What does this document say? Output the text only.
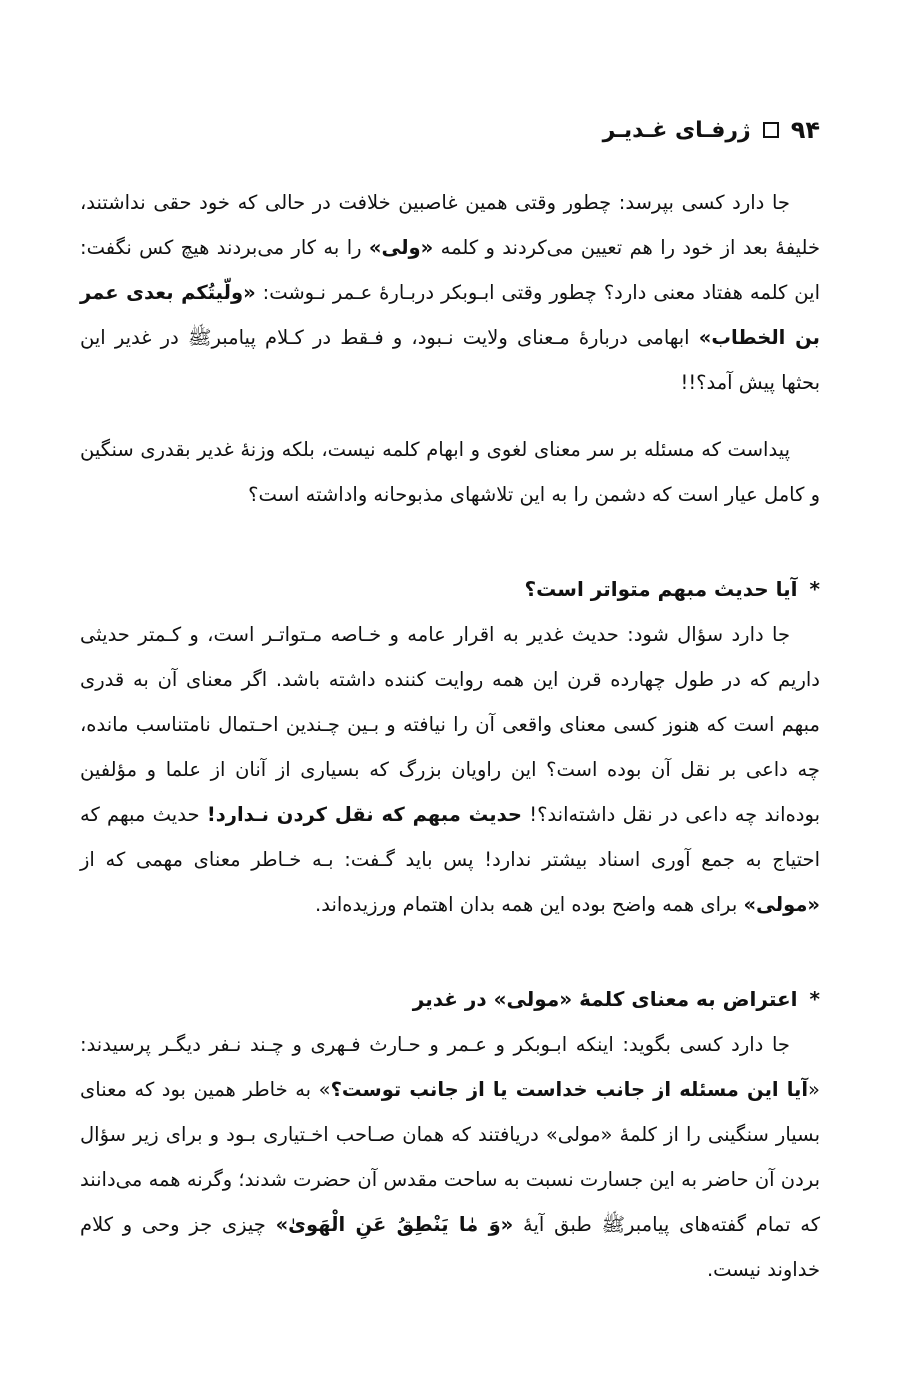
۹۴
ژرفـای غـدیـر

جا دارد کسی بپرسد: چطور وقتی همین غاصبین خلافت در حالی که خود حقی نداشتند، خلیفهٔ بعد از خود را هم تعیین می‌کردند و کلمه «ولی» را به کار می‌بردند هیچ کس نگفت: این کلمه هفتاد معنی دارد؟ چطور وقتی ابـوبکر دربـارهٔ عـمر نـوشت: «ولّیتُکم بعدی عمر بن الخطاب» ابهامی دربارهٔ مـعنای ولایت نـبود، و فـقط در کـلام پیامبرﷺ در غدیر این بحثها پیش آمد؟!!

پیداست که مسئله بر سر معنای لغوی و ابهام کلمه نیست، بلکه وزنهٔ غدیر بقدری سنگین و کامل عیار است که دشمن را به این تلاشهای مذبوحانه واداشته است؟

*
آیا حدیث مبهم متواتر است؟

جا دارد سؤال شود: حدیث غدیر به اقرار عامه و خـاصه مـتواتـر است، و کـمتر حدیثی داریم که در طول چهارده قرن این همه روایت کننده داشته باشد. اگر معنای آن به قدری مبهم است که هنوز کسی معنای واقعی آن را نیافته و بـین چـندین احـتمال نامتناسب مانده، چه داعی بر نقل آن بوده است؟ این راویان بزرگ که بسیاری از آنان از علما و مؤلفین بوده‌اند چه داعی در نقل داشته‌اند؟! حدیث مبهم که نقل کردن نـدارد! حدیث مبهم که احتیاج به جمع آوری اسناد بیشتر ندارد! پس باید گـفت: بـه خـاطر معنای مهمی که از «مولی» برای همه واضح بوده این همه بدان اهتمام ورزیده‌اند.

*
اعتراض به معنای کلمهٔ «مولی» در غدیر

جا دارد کسی بگوید: اینکه ابـوبکر و عـمر و حـارث فـهری و چـند نـفر دیگـر پرسیدند: «آیا این مسئله از جانب خداست یا از جانب توست؟» به خاطر همین بود که معنای بسیار سنگینی را از کلمهٔ «مولی» دریافتند که همان صـاحب اخـتیاری بـود و برای زیر سؤال بردن آن حاضر به این جسارت نسبت به ساحت مقدس آن حضرت شدند؛ وگرنه همه می‌دانند که تمام گفته‌های پیامبرﷺ طبق آیهٔ «وَ مٰا یَنْطِقُ عَنِ الْهَویٰ» چیزی جز وحی و کلام خداوند نیست.
